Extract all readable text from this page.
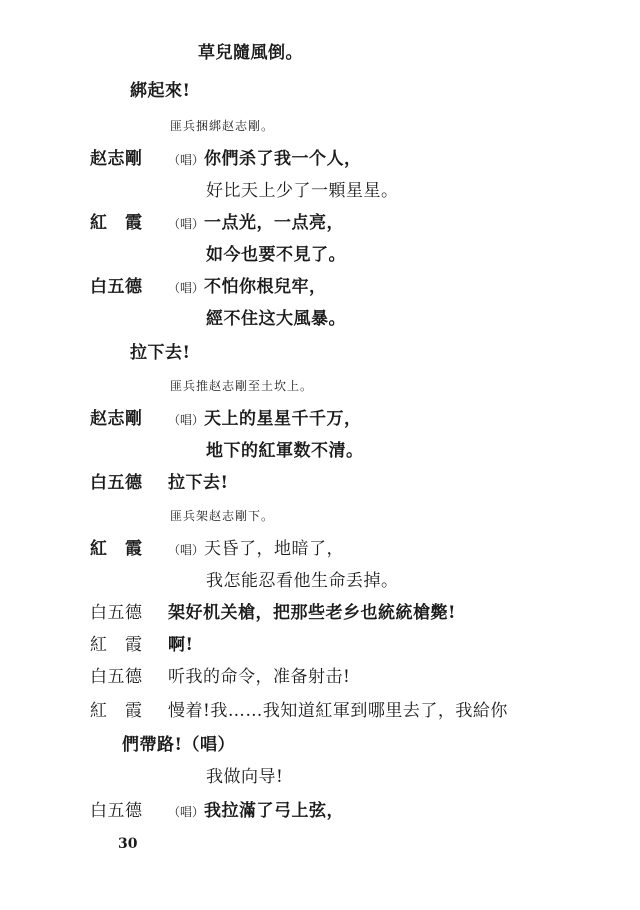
草兒隨風倒。
綁起來!
匪兵捆綁赵志剛。
赵志剛 （唱）你們杀了我一个人，
好比天上少了一顆星星。
紅　霞 （唱）一点光，一点亮，
如今也要不見了。
白五德 （唱）不怕你根兒牢，
經不住这大風暴。
拉下去!
匪兵推赵志剛至土坎上。
赵志剛 （唱）天上的星星千千万，
地下的紅軍数不清。
白五德 拉下去!
匪兵架赵志剛下。
紅　霞 （唱）天昏了，地暗了，
我怎能忍看他生命丢掉。
白五德 架好机关槍，把那些老乡也統統槍斃!
紅　霞 啊!
白五德 听我的命令，准备射击!
紅　霞 慢着!我……我知道紅軍到哪里去了，我給你
們帶路!（唱）
我做向导!
白五德 （唱）我拉滿了弓上弦，
30
